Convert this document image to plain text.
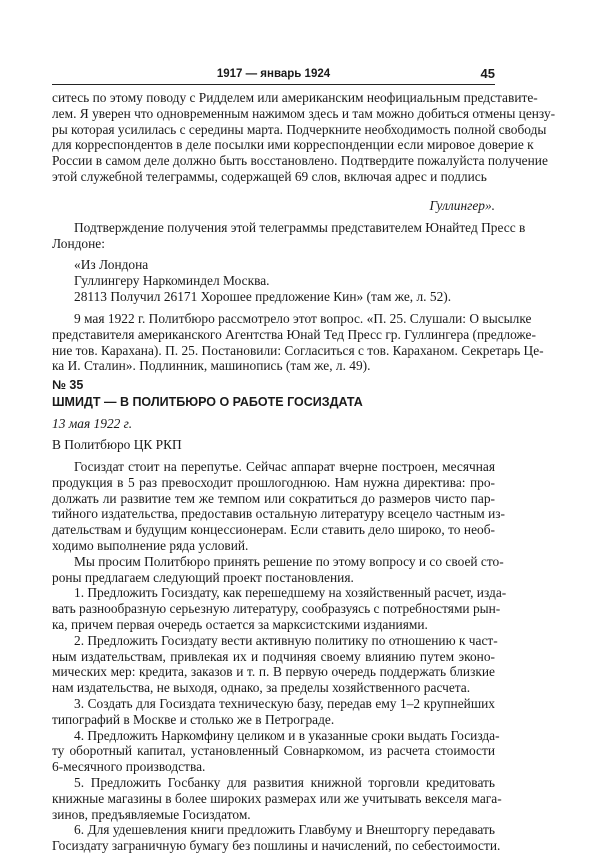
1917 — январь 1924	45
ситесь по этому поводу с Ридделем или американским неофициальным представите-
лем. Я уверен что одновременным нажимом здесь и там можно добиться отмены цензу-
ры которая усилилась с середины марта. Подчеркните необходимость полной свободы
для корреспондентов в деле посылки ими корреспонденции если мировое доверие к
России в самом деле должно быть восстановлено. Подтвердите пожалуйста получение
этой служебной телеграммы, содержащей 69 слов, включая адрес и подлись
Гуллингер».
Подтверждение получения этой телеграммы представителем Юнайтед Пресс в
Лондоне:
«Из Лондона
Гуллингеру Наркоминдел Москва.
28113 Получил 26171 Хорошее предложение Кин» (там же, л. 52).
9 мая 1922 г. Политбюро рассмотрело этот вопрос. «П. 25. Слушали: О высылке
представителя американского Агентства Юнай Тед Пресс гр. Гуллингера (предложе-
ние тов. Карахана). П. 25. Постановили: Согласиться с тов. Караханом. Секретарь Це-
ка И. Сталин». Подлинник, машинопись (там же, л. 49).
№ 35
ШМИДТ — В ПОЛИТБЮРО О РАБОТЕ ГОСИЗДАТА
13 мая 1922 г.
В Политбюро ЦК РКП
Госиздат стоит на перепутье. Сейчас аппарат вчерне построен, месячная
продукция в 5 раз превосходит прошлогоднюю. Нам нужна директива: про-
должать ли развитие тем же темпом или сократиться до размеров чисто пар-
тийного издательства, предоставив остальную литературу всецело частным из-
дательствам и будущим концессионерам. Если ставить дело широко, то необ-
ходимо выполнение ряда условий.
Мы просим Политбюро принять решение по этому вопросу и со своей сто-
роны предлагаем следующий проект постановления.
1. Предложить Госиздату, как перешедшему на хозяйственный расчет, изда-
вать разнообразную серьезную литературу, сообразуясь с потребностями рын-
ка, причем первая очередь остается за марксистскими изданиями.
2. Предложить Госиздату вести активную политику по отношению к част-
ным издательствам, привлекая их и подчиняя своему влиянию путем эконо-
мических мер: кредита, заказов и т. п. В первую очередь поддержать близкие
нам издательства, не выходя, однако, за пределы хозяйственного расчета.
3. Создать для Госиздата техническую базу, передав ему 1–2 крупнейших
типографий в Москве и столько же в Петрограде.
4. Предложить Наркомфину целиком и в указанные сроки выдать Госизда-
ту оборотный капитал, установленный Совнаркомом, из расчета стоимости
6-месячного производства.
5. Предложить Госбанку для развития книжной торговли кредитовать
книжные магазины в более широких размерах или же учитывать векселя мага-
зинов, предъявляемые Госиздатом.
6. Для удешевления книги предложить Главбуму и Внешторгу передавать
Госиздату заграничную бумагу без пошлины и начислений, по себестоимости.
